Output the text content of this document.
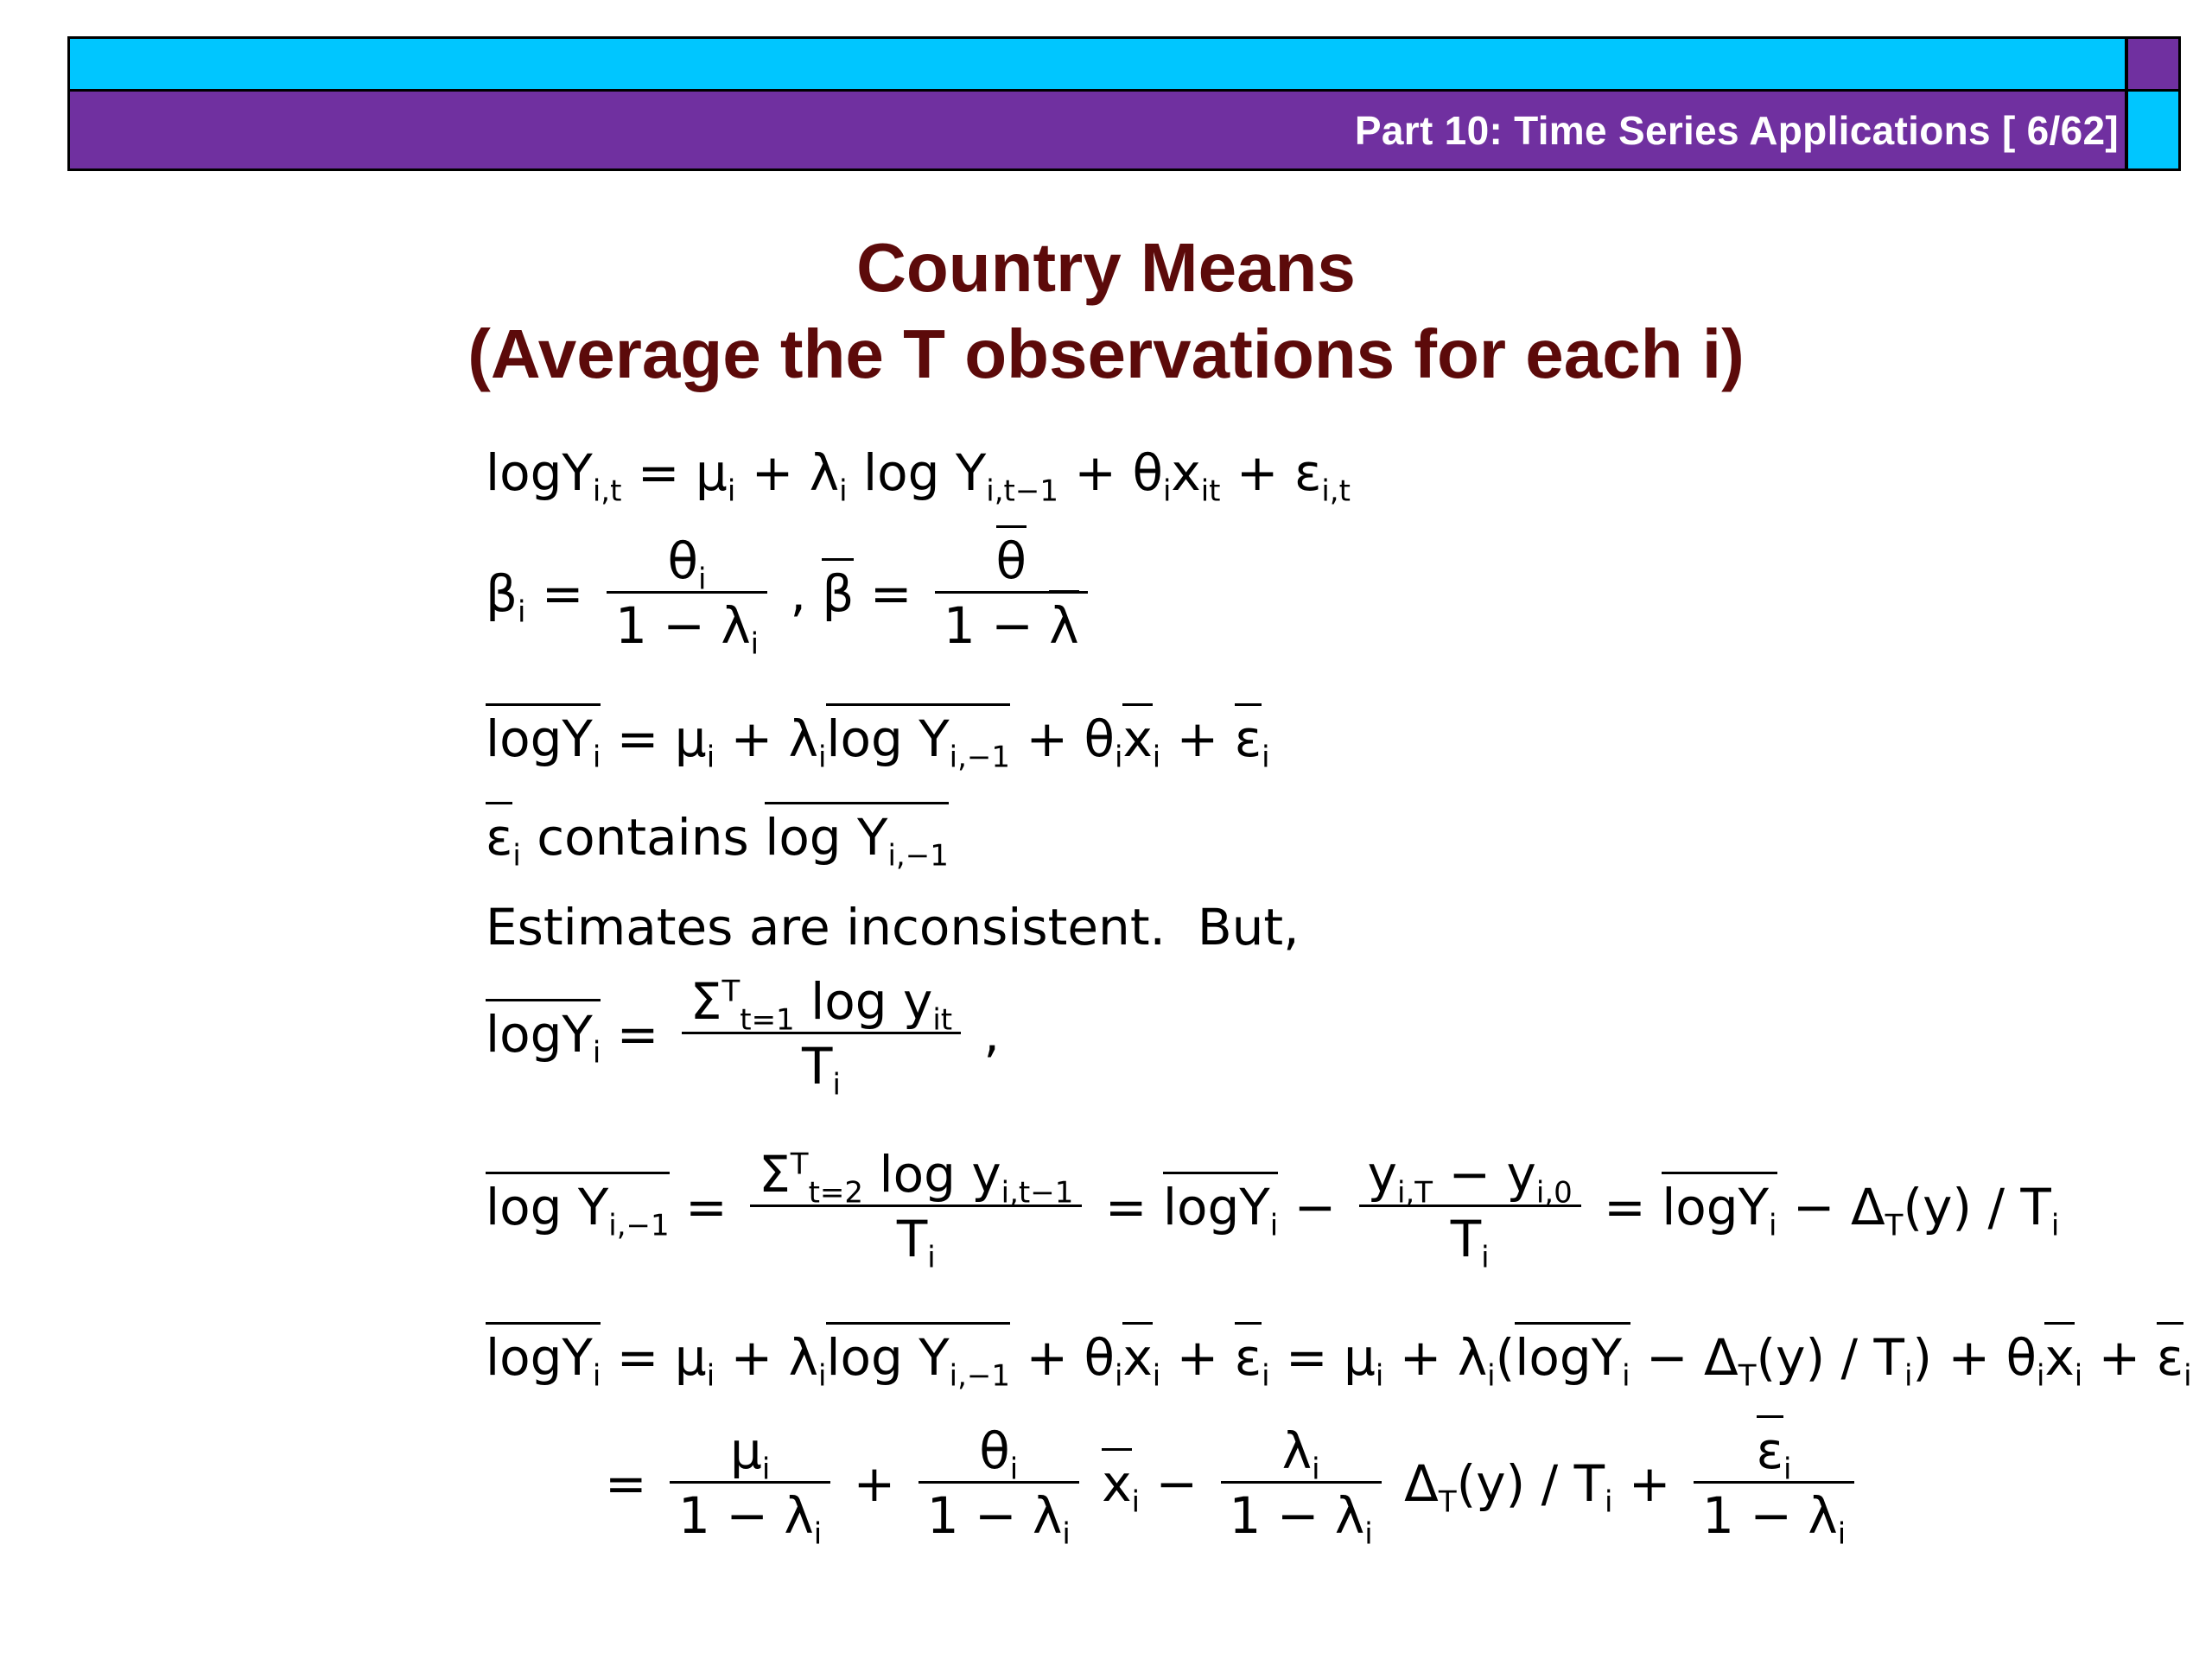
Part 10: Time Series Applications [ 6/62]
Country Means
(Average the T observations for each i)
$\log Y_{i,t} = \mu_i + \lambda_i$ $\log Y_{i,t-1} + \theta_ix_{it} + \varepsilon_{i,t}$
$\beta_i = \frac{\theta_i}{1 - \lambda_i}$ , $\beta = \frac{\theta}{1 - \lambda}$
$\log Y_i = \mu_i + \lambda_i\log$ $Y_{i,-1} + \theta_ix_i + \varepsilon_i$
$\varepsilon_i$ contains $\log Y_{i,-1}$
Estimates are inconsistent.  But,
$\log Y_i = \frac{\Sigma^T_{t=1} \log y_{it}}{T_i}$ ,
$\log Y_{i,-1} = \frac{\Sigma^T_{t=2} \log y_{i,t-1}}{T_i} = \log Y_i - \frac{y_{i,T} - y_{i,0}}{T_i} = \log Y_i - \Delta_T(y) / T_i$
$\log Y_i = \mu_i + \lambda_i\log$ $Y_{i,-1} + \theta_ix_i + \varepsilon_i = \mu_i + \lambda_i(\log Y_i - \Delta_T(y) / T_i) + \theta_ix_i + \varepsilon_i$
= $\frac{\mu_i}{1 - \lambda_i} + \frac{\theta_i}{1 - \lambda_i} x_i - \frac{\lambda_i}{1 - \lambda_i} \Delta_T(y) / T_i + \frac{\varepsilon_i}{1 - \lambda_i}$
